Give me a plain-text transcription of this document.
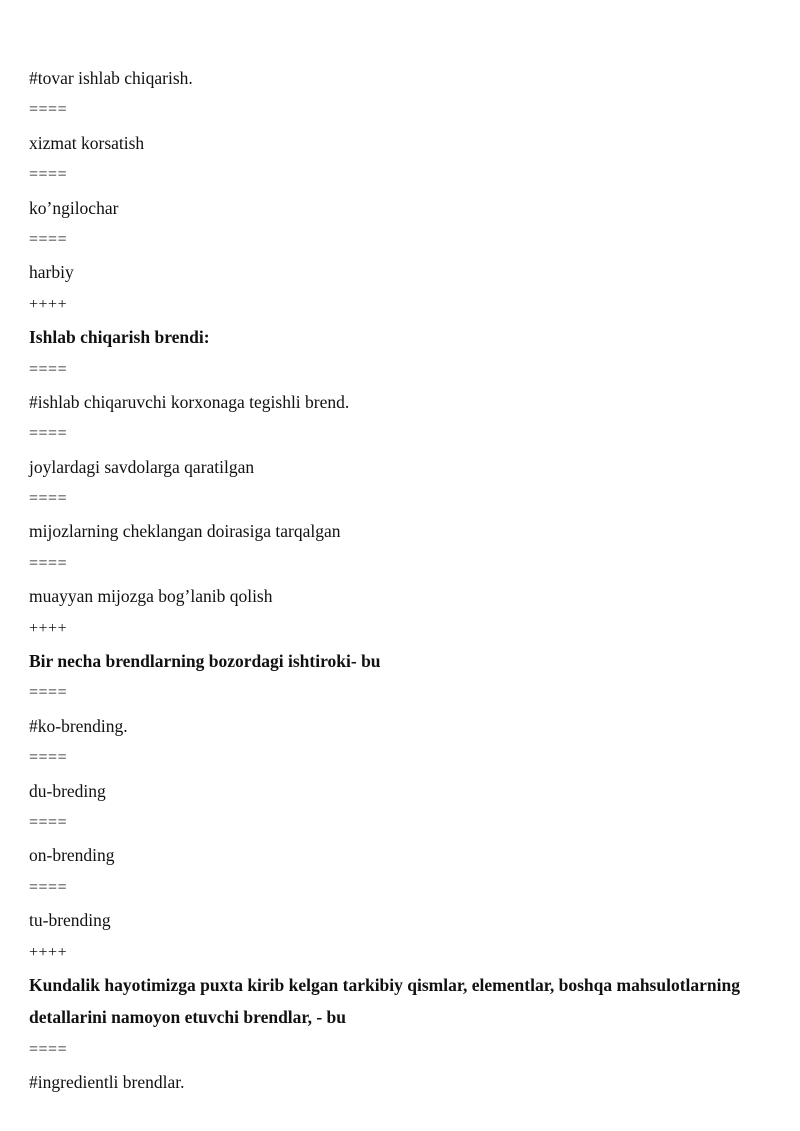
#tovar ishlab chiqarish.
====
xizmat korsatish
====
ko’ngilochar
====
harbiy
++++
Ishlab chiqarish brendi:
====
#ishlab chiqaruvchi korxonaga tegishli brend.
====
joylardagi savdolarga qaratilgan
====
mijozlarning cheklangan doirasiga tarqalgan
====
muayyan mijozga bog’lanib qolish
++++
Bir necha brendlarning bozordagi ishtiroki- bu
====
#ko-brending.
====
du-breding
====
on-brending
====
tu-brending
++++
Kundalik hayotimizga puxta kirib kelgan tarkibiy qismlar, elementlar, boshqa mahsulotlarning detallarini namoyon etuvchi brendlar, - bu
====
#ingredientli brendlar.
